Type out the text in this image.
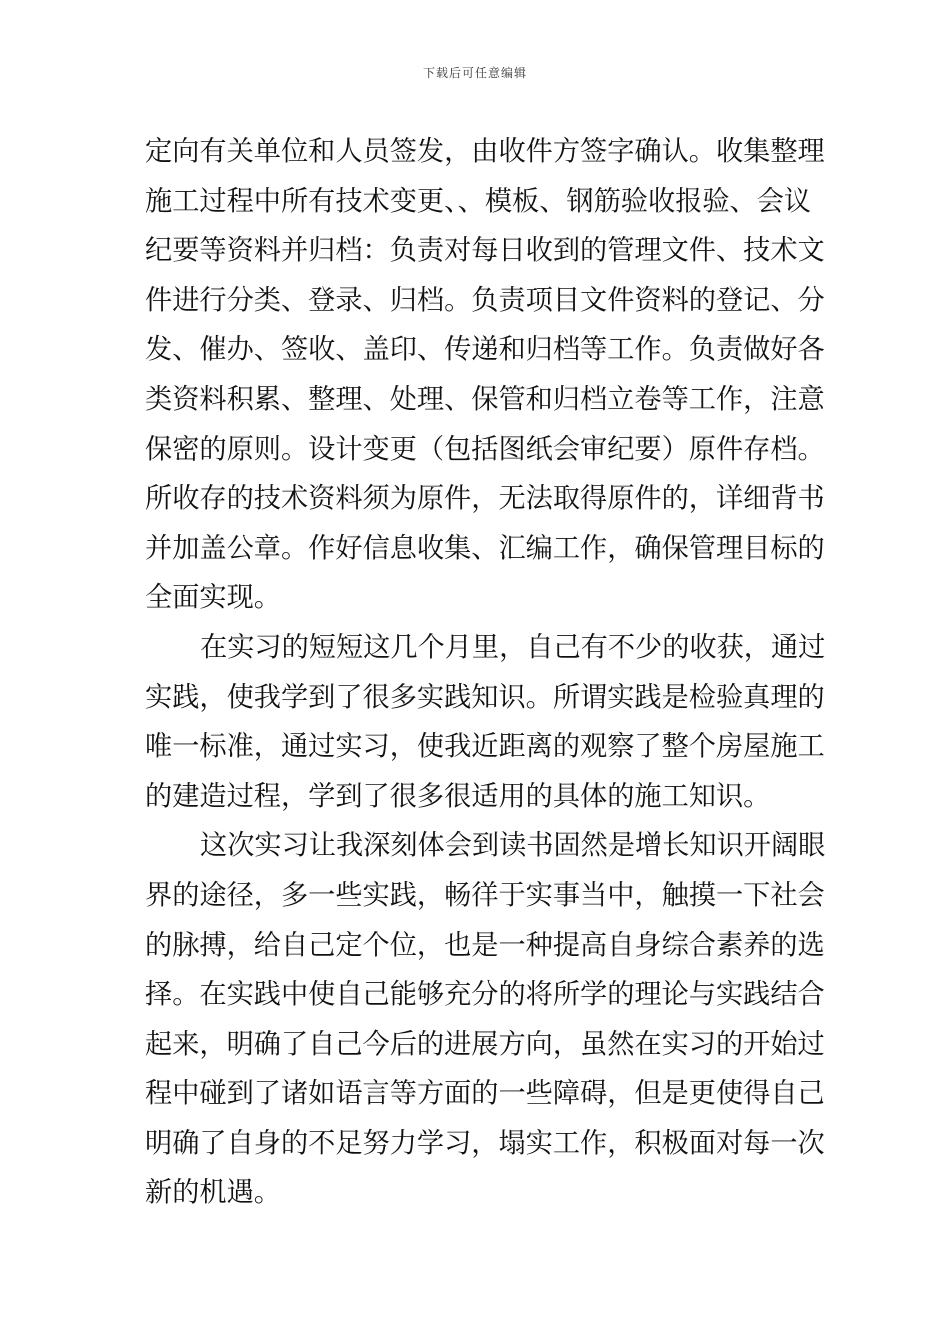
下载后可任意编辑
定向有关单位和人员签发，由收件方签字确认。收集整理
施工过程中所有技术变更、、模板、钢筋验收报验、会议
纪要等资料并归档：负责对每日收到的管理文件、技术文
件进行分类、登录、归档。负责项目文件资料的登记、分
发、催办、签收、盖印、传递和归档等工作。负责做好各
类资料积累、整理、处理、保管和归档立卷等工作，注意
保密的原则。设计变更（包括图纸会审纪要）原件存档。
所收存的技术资料须为原件，无法取得原件的，详细背书
并加盖公章。作好信息收集、汇编工作，确保管理目标的
全面实现。
在实习的短短这几个月里，自己有不少的收获，通过
实践，使我学到了很多实践知识。所谓实践是检验真理的
唯一标准，通过实习，使我近距离的观察了整个房屋施工
的建造过程，学到了很多很适用的具体的施工知识。
这次实习让我深刻体会到读书固然是增长知识开阔眼
界的途径，多一些实践，畅徉于实事当中，触摸一下社会
的脉搏，给自己定个位，也是一种提高自身综合素养的选
择。在实践中使自己能够充分的将所学的理论与实践结合
起来，明确了自己今后的进展方向，虽然在实习的开始过
程中碰到了诸如语言等方面的一些障碍，但是更使得自己
明确了自身的不足努力学习，塌实工作，积极面对每一次
新的机遇。
